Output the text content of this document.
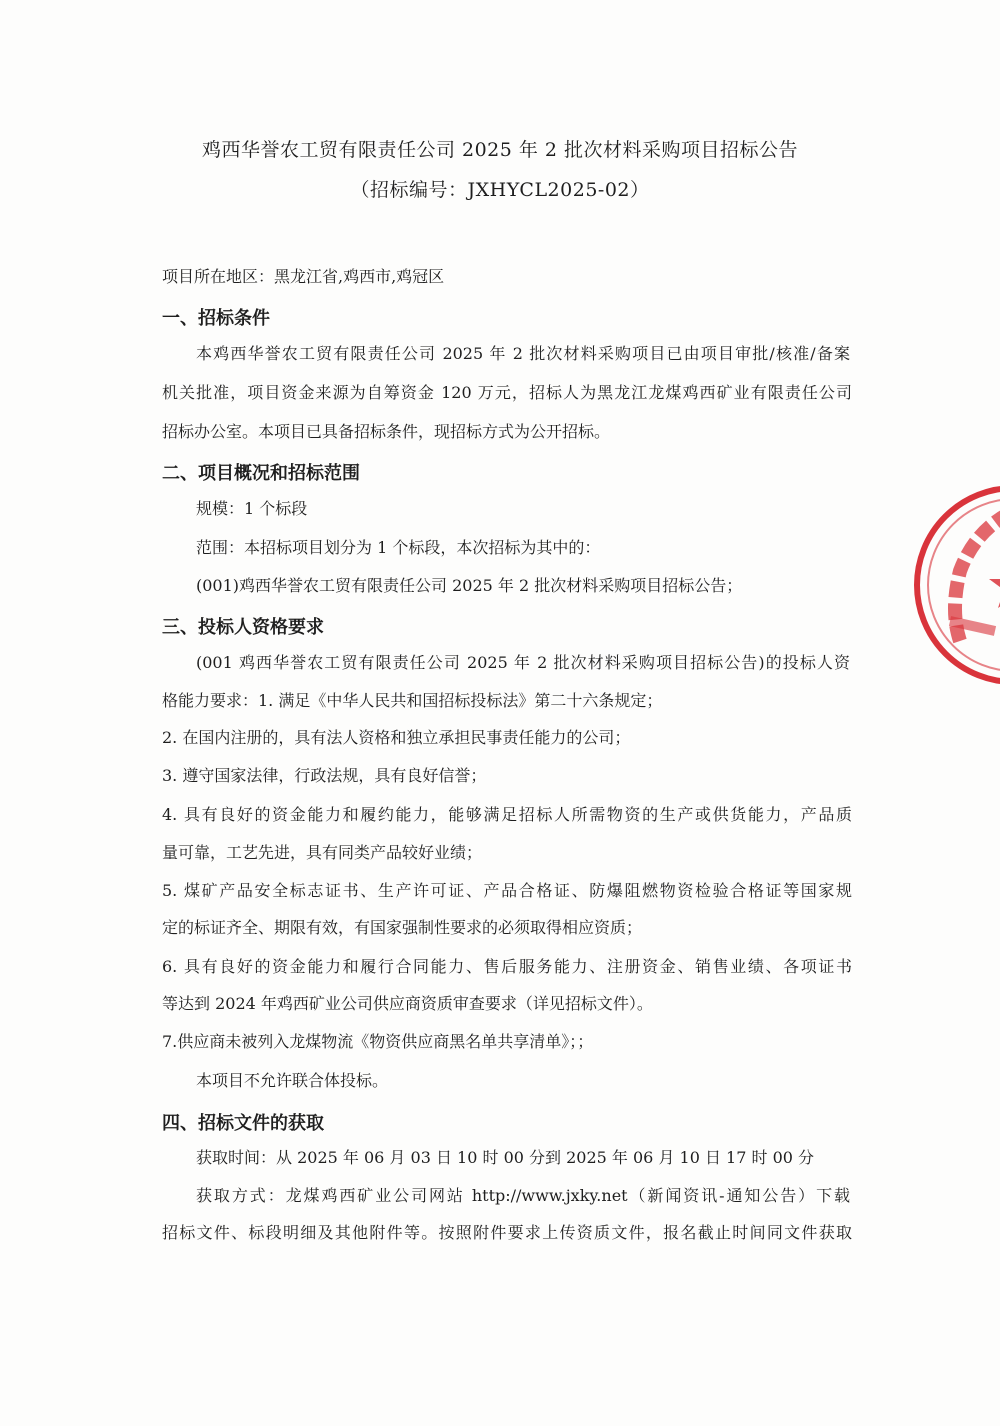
鸡西华誉农工贸有限责任公司 2025 年 2 批次材料采购项目招标公告
（招标编号：JXHYCL2025-02）
项目所在地区：黑龙江省,鸡西市,鸡冠区
一、招标条件
本鸡西华誉农工贸有限责任公司 2025 年 2 批次材料采购项目已由项目审批/核准/备案
机关批准，项目资金来源为自筹资金 120 万元，招标人为黑龙江龙煤鸡西矿业有限责任公司
招标办公室。本项目已具备招标条件，现招标方式为公开招标。
二、项目概况和招标范围
规模：1 个标段
范围：本招标项目划分为 1 个标段，本次招标为其中的：
(001)鸡西华誉农工贸有限责任公司 2025 年 2 批次材料采购项目招标公告；
三、投标人资格要求
(001 鸡西华誉农工贸有限责任公司 2025 年 2 批次材料采购项目招标公告)的投标人资
格能力要求：1. 满足《中华人民共和国招标投标法》第二十六条规定；
2. 在国内注册的，具有法人资格和独立承担民事责任能力的公司；
3. 遵守国家法律，行政法规，具有良好信誉；
4. 具有良好的资金能力和履约能力，能够满足招标人所需物资的生产或供货能力，产品质
量可靠，工艺先进，具有同类产品较好业绩；
5. 煤矿产品安全标志证书、生产许可证、产品合格证、防爆阻燃物资检验合格证等国家规
定的标证齐全、期限有效，有国家强制性要求的必须取得相应资质；
6. 具有良好的资金能力和履行合同能力、售后服务能力、注册资金、销售业绩、各项证书
等达到 2024 年鸡西矿业公司供应商资质审查要求（详见招标文件）。
7.供应商未被列入龙煤物流《物资供应商黑名单共享清单》；；
本项目不允许联合体投标。
四、招标文件的获取
获取时间：从 2025 年 06 月 03 日 10 时 00 分到 2025 年 06 月 10 日 17 时 00 分
获取方式：龙煤鸡西矿业公司网站 http://www.jxky.net（新闻资讯-通知公告）下载
招标文件、标段明细及其他附件等。按照附件要求上传资质文件，报名截止时间同文件获取
